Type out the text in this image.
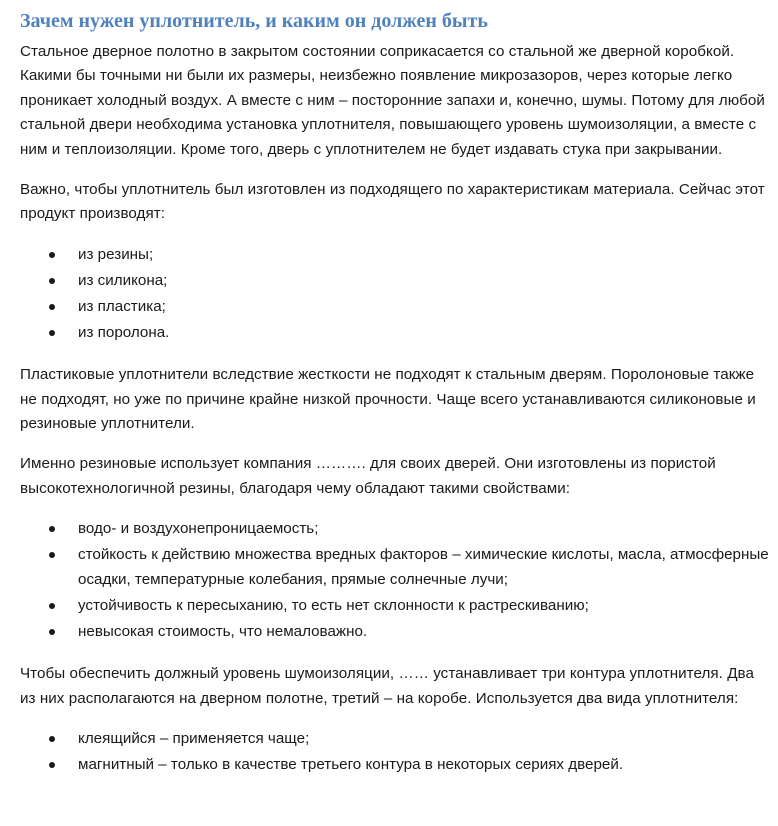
Зачем нужен уплотнитель, и каким он должен быть

Стальное дверное полотно в закрытом состоянии соприкасается со стальной же дверной коробкой. Какими бы точными ни были их размеры, неизбежно появление микрозазоров, через которые легко проникает холодный воздух. А вместе с ним – посторонние запахи и, конечно, шумы. Потому для любой стальной двери необходима установка уплотнителя, повышающего уровень шумоизоляции, а вместе с ним и теплоизоляции. Кроме того, дверь с уплотнителем не будет издавать стука при закрывании.

Важно, чтобы уплотнитель был изготовлен из подходящего по характеристикам материала. Сейчас этот продукт производят:

из резины;
из силикона;
из пластика;
из поролона.

Пластиковые уплотнители вследствие жесткости не подходят к стальным дверям. Поролоновые также не подходят, но уже по причине крайне низкой прочности. Чаще всего устанавливаются силиконовые и резиновые уплотнители.

Именно резиновые использует компания ………. для своих дверей. Они изготовлены из пористой высокотехнологичной резины, благодаря чему обладают такими свойствами:

водо- и воздухонепроницаемость;
стойкость к действию множества вредных факторов – химические кислоты, масла, атмосферные осадки, температурные колебания, прямые солнечные лучи;
устойчивость к пересыханию, то есть нет склонности к растрескиванию;
невысокая стоимость, что немаловажно.

Чтобы обеспечить должный уровень шумоизоляции, …… устанавливает три контура уплотнителя. Два из них располагаются на дверном полотне, третий – на коробе. Используется два вида уплотнителя:

клеящийся – применяется чаще;
магнитный – только в качестве третьего контура в некоторых сериях дверей.
